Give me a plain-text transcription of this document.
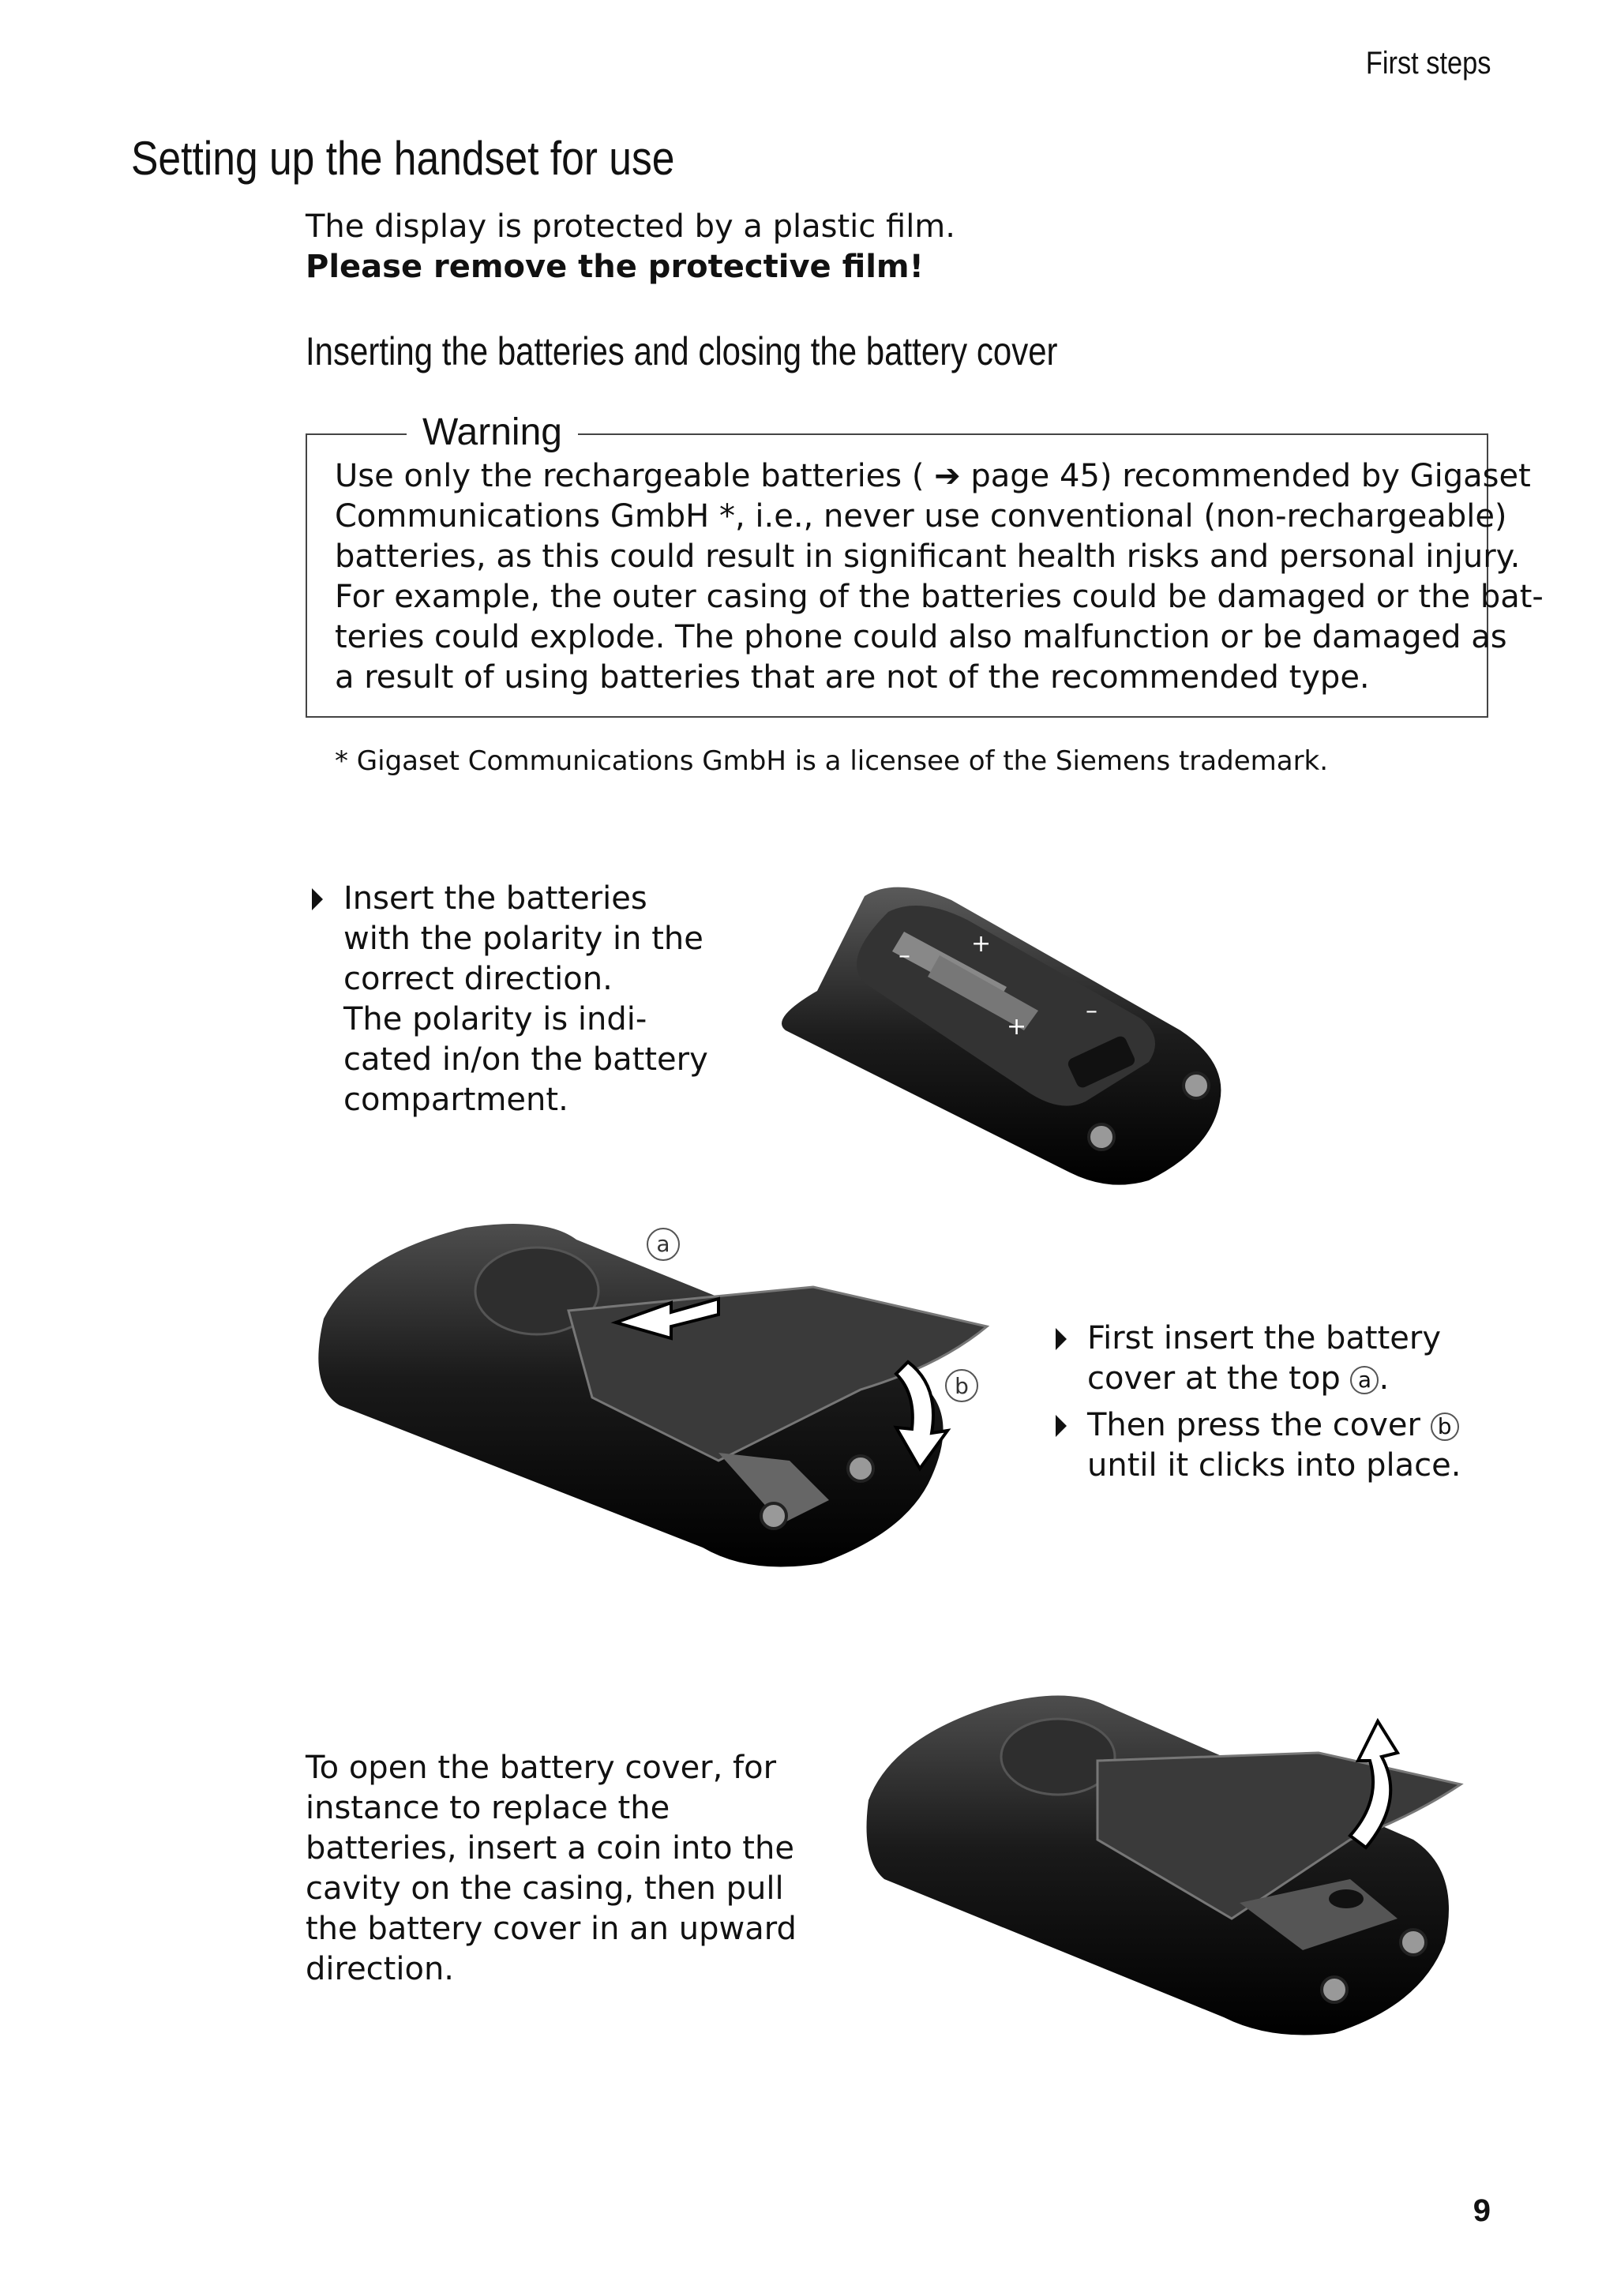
First steps
Setting up the handset for use
The display is protected by a plastic film.
Please remove the protective film!
Inserting the batteries and closing the battery cover
Warning

Use only the rechargeable batteries ( ➔ page 45) recommended by Gigaset

Communications GmbH *, i.e., never use conventional (non-rechargeable)

batteries, as this could result in significant health risks and personal injury.

For example, the outer casing of the batteries could be damaged or the bat-

teries could explode. The phone could also malfunction or be damaged as

a result of using batteries that are not of the recommended type.

* Gigaset Communications GmbH is a licensee of the Siemens trademark.
Insert the batteries with the polarity in the correct direction.
The polarity is indi-cated in/on the battery compartment.
+
–
+
–
a
b
First insert the battery cover at the top a .
Then press the cover b until it clicks into place.
To open the battery cover, for instance to replace the batteries, insert a coin into the cavity on the casing, then pull the battery cover in an upward direction.
9
